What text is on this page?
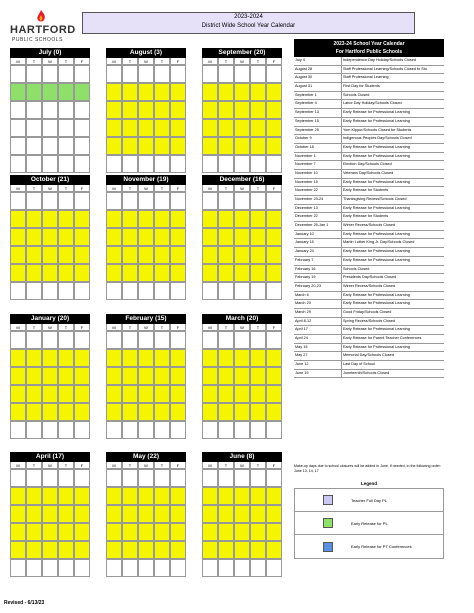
HARTFORD
PUBLIC SCHOOLS
2023-2024
District Wide School Year Calendar
July (0)
M	T	W	T	F
August (3)
M	T	W	T	F
September (20)
M	T	W	T	F
October (21)
M	T	W	T	F
November (19)
M	T	W	T	F
December (16)
M	T	W	T	F
January (20)
M	T	W	T	F
February (15)
M	T	W	T	F
March (20)
M	T	W	T	F
April (17)
M	T	W	T	F
May (22)
M	T	W	T	F
June (8)
M	T	W	T	F
2023-24 School Year Calendar
For Hartford Public Schools
July 4	Independence Day Holiday/Schools Closed
August 28	Staff Professional Learning/Schools Closed to Stu
August 30	Staff Professional Learning
August 31	First Day for Students
September 1	Schools Closed
September 4	Labor Day Holiday/Schools Closed
September 13	Early Release for Professional Learning
September 15	Early Release for Professional Learning
September 25	Yom Kippur/Schools Closed for Students
October 9	Indigenous Peoples Day/Schools Closed
October 18	Early Release for Professional Learning
November 1	Early Release for Professional Learning
November 7	Election Day/Schools Closed
November 10	Veterans Day/Schools Closed
November 15	Early Release for Professional Learning
November 22	Early Release for Students
November 23-24	Thanksgiving Recess/Schools Closed
December 13	Early Release for Professional Learning
December 22	Early Release for Students
December 25-Jan 1	Winter Recess/Schools Closed
January 10	Early Release for Professional Learning
January 15	Martin Luther King Jr. Day/Schools Closed
January 24	Early Release for Professional Learning
February 7	Early Release for Professional Learning
February 16	Schools Closed
February 19	Presidents Day/Schools Closed
February 20-23	Winter Recess/Schools Closed
March 6	Early Release for Professional Learning
March 20	Early Release for Professional Learning
March 29	Good Friday/Schools Closed
April 8-12	Spring Recess/Schools Closed
April 17	Early Release for Professional Learning
April 24	Early Release for Parent Teacher Conferences
May 15	Early Release for Professional Learning
May 27	Memorial Day/Schools Closed
June 12	Last Day of School
June 19	Juneteenth/Schools Closed
Make-up days due to school closures will be added in June, if needed, in the following order: June 13, 14, 17
Legend
Teacher Full Day PL
Early Release for PL
Early Release for PT Conferences
Revised - 6/13/23
